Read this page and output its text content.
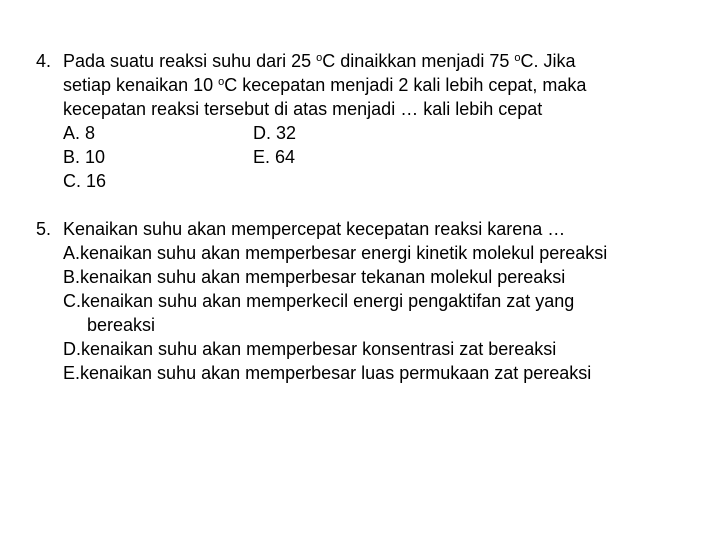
4. Pada suatu reaksi suhu dari 25 $^o$C dinaikkan menjadi 75 $^o$C. Jika
setiap kenaikan 10 $^o$C kecepatan menjadi 2 kali lebih cepat, maka
kecepatan reaksi tersebut di atas menjadi … kali lebih cepat
A. 8	D. 32
B. 10	E. 64
C. 16
5. Kenaikan suhu akan mempercepat kecepatan reaksi karena …
A.kenaikan suhu akan memperbesar energi kinetik molekul pereaksi
B.kenaikan suhu akan memperbesar tekanan molekul pereaksi
C.kenaikan suhu akan memperkecil energi pengaktifan zat yang
bereaksi
D.kenaikan suhu akan memperbesar konsentrasi zat bereaksi
E.kenaikan suhu akan memperbesar luas permukaan zat pereaksi
